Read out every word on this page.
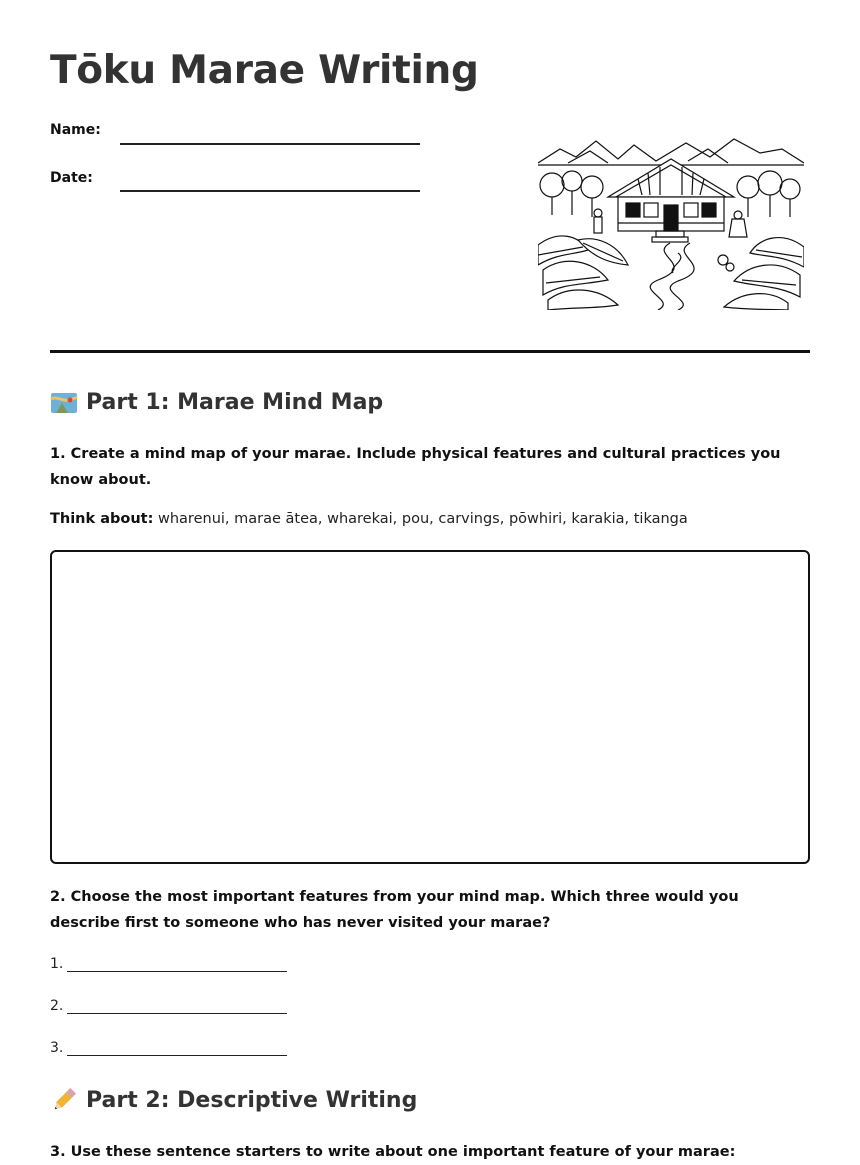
Tōku Marae Writing
Name:
Date:
Part 1: Marae Mind Map

1. Create a mind map of your marae. Include physical features and cultural practices you know about.

Think about: wharenui, marae ātea, wharekai, pou, carvings, pōwhiri, karakia, tikanga

2. Choose the most important features from your mind map. Which three would you describe first to someone who has never visited your marae?

1.
2.
3.
Part 2: Descriptive Writing

3. Use these sentence starters to write about one important feature of your marae:
